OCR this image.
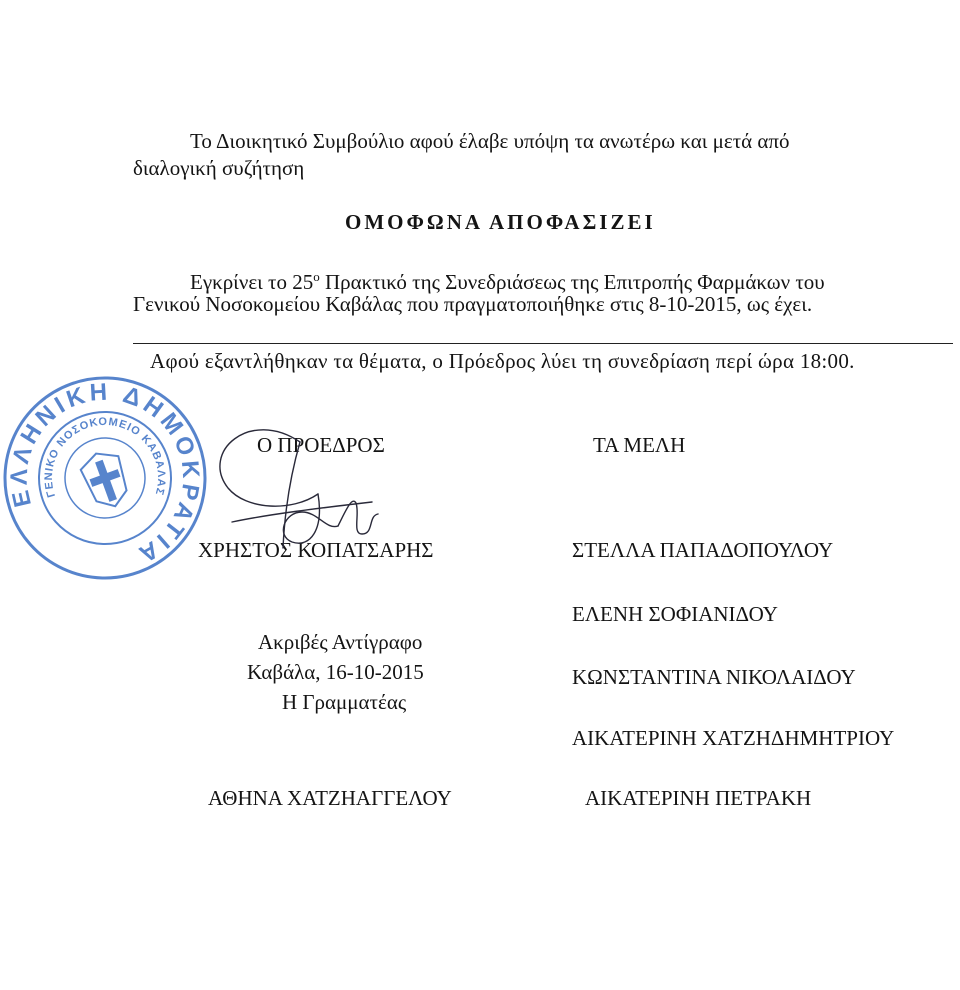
Το Διοικητικό Συμβούλιο αφού έλαβε υπόψη τα ανωτέρω και μετά από
διαλογική συζήτηση
ΟΜΟΦΩΝΑ ΑΠΟΦΑΣΙΖΕΙ
Εγκρίνει το $25^o$ Πρακτικό της Συνεδριάσεως της Επιτροπής Φαρμάκων του
Γενικού Νοσοκομείου Καβάλας που πραγματοποιήθηκε στις 8-10-2015, ως έχει.
Αφού εξαντλήθηκαν τα θέματα, ο Πρόεδρος λύει τη συνεδρίαση περί ώρα 18:00.
Ο ΠΡΟΕΔΡΟΣ	ΤΑ ΜΕΛΗ
ΧΡΗΣΤΟΣ ΚΟΠΑΤΣΑΡΗΣ	ΣΤΕΛΛΑ ΠΑΠΑΔΟΠΟΥΛΟΥ
ΕΛΕΝΗ ΣΟΦΙΑΝΙΔΟΥ
ΚΩΝΣΤΑΝΤΙΝΑ ΝΙΚΟΛΑΙΔΟΥ
ΑΙΚΑΤΕΡΙΝΗ ΧΑΤΖΗΔΗΜΗΤΡΙΟΥ
ΑΙΚΑΤΕΡΙΝΗ ΠΕΤΡΑΚΗ
Ακριβές Αντίγραφο
Καβάλα, 16-10-2015
Η Γραμματέας
ΑΘΗΝΑ ΧΑΤΖΗΑΓΓΕΛΟΥ
ΕΛΛΗΝΙΚΗ ΔΗΜΟΚΡΑΤΙΑ
ΓΕΝΙΚΟ ΝΟΣΟΚΟΜΕΙΟ ΚΑΒΑΛΑΣ
